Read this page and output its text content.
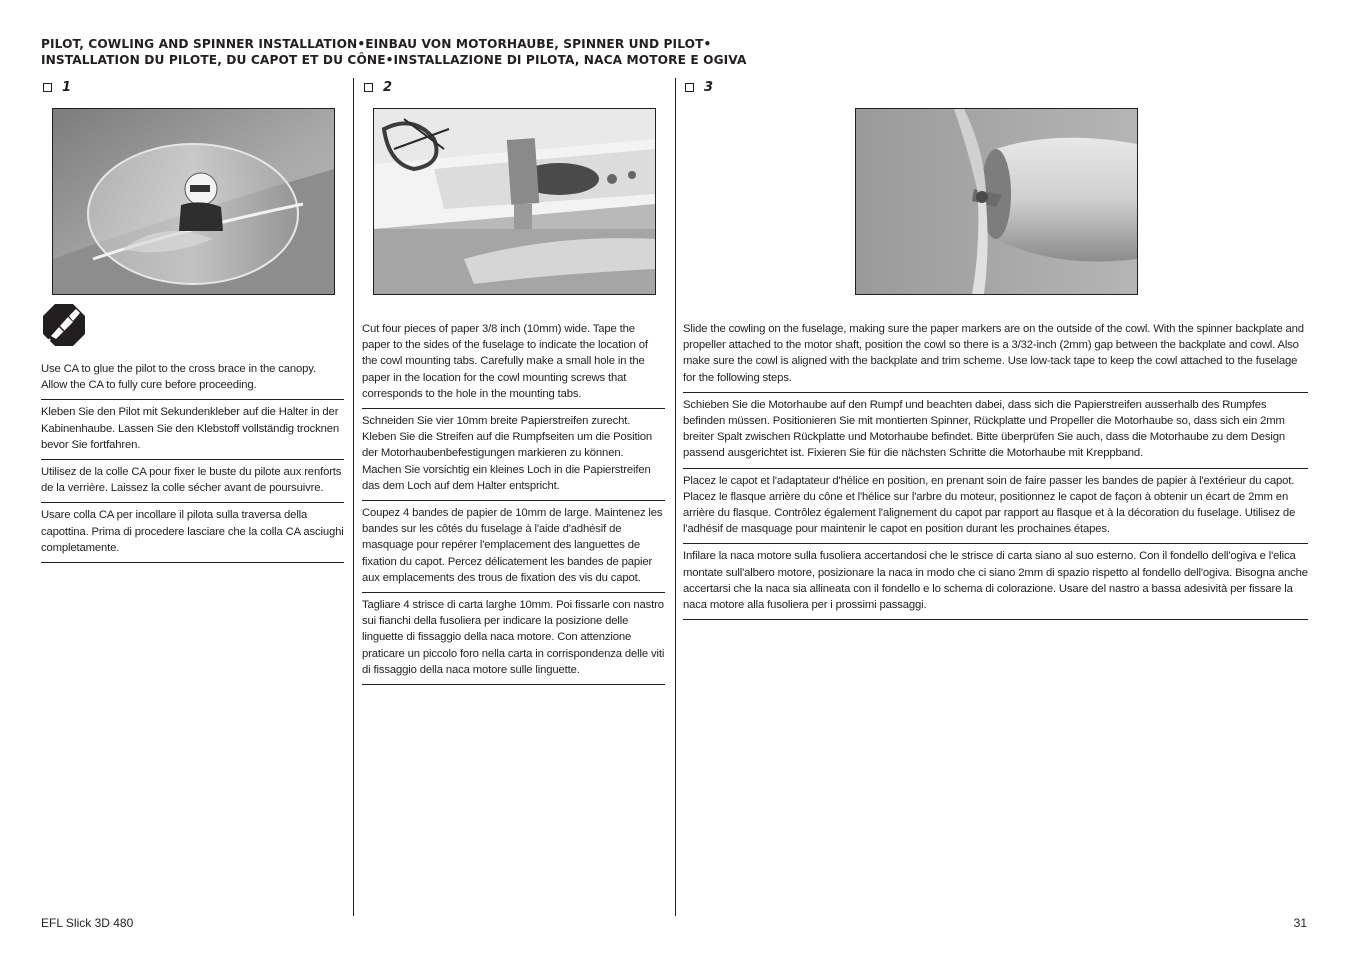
PILOT, COWLING AND SPINNER INSTALLATION•EINBAU VON MOTORHAUBE, SPINNER UND PILOT•
INSTALLATION DU PILOTE, DU CAPOT ET DU CÔNE•INSTALLAZIONE DI PILOTA, NACA MOTORE E OGIVA
1
Use CA to glue the pilot to the cross brace in the canopy. Allow the CA to fully cure before proceeding.
Kleben Sie den Pilot mit Sekundenkleber auf die Halter in der Kabinenhaube. Lassen Sie den Klebstoff vollständig trocknen bevor Sie fortfahren.
Utilisez de la colle CA pour fixer le buste du pilote aux renforts de la verrière. Laissez la colle sécher avant de poursuivre.
Usare colla CA per incollare il pilota sulla traversa della capottina. Prima di procedere lasciare che la colla CA asciughi completamente.
2
Cut four pieces of paper 3/8 inch (10mm) wide. Tape the paper to the sides of the fuselage to indicate the location of the cowl mounting tabs. Carefully make a small hole in the paper in the location for the cowl mounting screws that corresponds to the hole in the mounting tabs.
Schneiden Sie vier 10mm breite Papierstreifen zurecht. Kleben Sie die Streifen auf die Rumpfseiten um die Position der Motorhaubenbefestigungen markieren zu können. Machen Sie vorsichtig ein kleines Loch in die Papierstreifen das dem Loch auf dem Halter entspricht.
Coupez 4 bandes de papier de 10mm de large. Maintenez les bandes sur les côtés du fuselage à l'aide d'adhésif de masquage pour repérer l'emplacement des languettes de fixation du capot. Percez délicatement les bandes de papier aux emplacements des trous de fixation des vis du capot.
Tagliare 4 strisce di carta larghe 10mm. Poi fissarle con nastro sui fianchi della fusoliera per indicare la posizione delle linguette di fissaggio della naca motore. Con attenzione praticare un piccolo foro nella carta in corrispondenza delle viti di fissaggio della naca motore sulle linguette.
3
Slide the cowling on the fuselage, making sure the paper markers are on the outside of the cowl. With the spinner backplate and propeller attached to the motor shaft, position the cowl so there is a 3/32-inch (2mm) gap between the backplate and cowl. Also make sure the cowl is aligned with the backplate and trim scheme. Use low-tack tape to keep the cowl attached to the fuselage for the following steps.
Schieben Sie die Motorhaube auf den Rumpf und beachten dabei, dass sich die Papierstreifen ausserhalb des Rumpfes befinden müssen. Positionieren Sie mit montierten Spinner, Rückplatte und Propeller die Motorhaube so, dass sich ein 2mm breiter Spalt zwischen Rückplatte und Motorhaube befindet. Bitte überprüfen Sie auch, dass die Motorhaube zu dem Design passend ausgerichtet ist. Fixieren Sie für die nächsten Schritte die Motorhaube mit Kreppband.
Placez le capot et l'adaptateur d'hélice en position, en prenant soin de faire passer les bandes de papier à l'extérieur du capot. Placez le flasque arrière du cône et l'hélice sur l'arbre du moteur, positionnez le capot de façon à obtenir un écart de 2mm en arrière du flasque. Contrôlez également l'alignement du capot par rapport au flasque et à la décoration du fuselage. Utilisez de l'adhésif de masquage pour maintenir le capot en position durant les prochaines étapes.
Infilare la naca motore sulla fusoliera accertandosi che le strisce di carta siano al suo esterno. Con il fondello dell'ogiva e l'elica montate sull'albero motore, posizionare la naca in modo che ci siano 2mm di spazio rispetto al fondello dell'ogiva. Bisogna anche accertarsi che la naca sia allineata con il fondello e lo schema di colorazione. Usare del nastro a bassa adesività per fissare la naca motore alla fusoliera per i prossimi passaggi.
EFL Slick 3D 480	31
